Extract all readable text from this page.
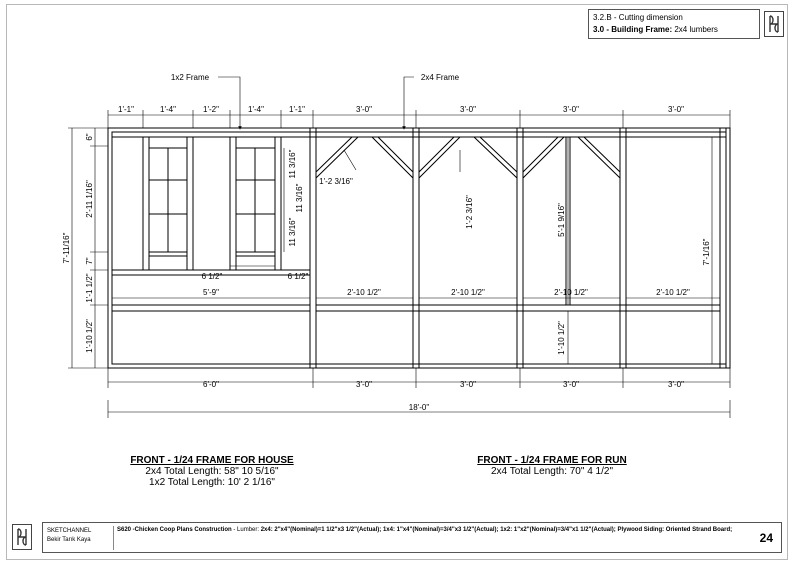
3.2.B - Cutting dimension
3.0 - Building Frame: 2x4 lumbers
1x2 Frame	2x4 Frame
1'-1"	1'-4"	1'-2"	1'-4"	1'-1"	3'-0"	3'-0"	3'-0"	3'-0"
6"
2'-11 1/16"
7"
1'-1 1/2"
1'-10 1/2"
7'-11/16"
11 3/16"
11 3/16"
11 3/16"
6 1/2"	6 1/2"
5'-9"	2'-10 1/2"	2'-10 1/2"	2'-10 1/2"	2'-10 1/2"
1'-2 3/16"
1'-2 3/16"	5'-1 9/16"
7'-1/16"
1'-10 1/2"
6'-0"	3'-0"	3'-0"	3'-0"	3'-0"
18'-0"
FRONT - 1/24 FRAME FOR HOUSE
2x4 Total Length: 58" 10 5/16"
1x2 Total Length: 10' 2 1/16"
FRONT - 1/24 FRAME FOR RUN
2x4 Total Length: 70" 4 1/2"
SKETCHANNEL
Bekir Tarık Kaya
S620 -Chicken Coop Plans Construction - Lumber: 2x4: 2"x4"(Nominal)=1 1/2"x3 1/2"(Actual); 1x4: 1"x4"(Nominal)=3/4"x3 1/2"(Actual); 1x2: 1"x2"(Nominal)=3/4"x1 1/2"(Actual); Plywood Siding: Oriented Strand Board;
24
